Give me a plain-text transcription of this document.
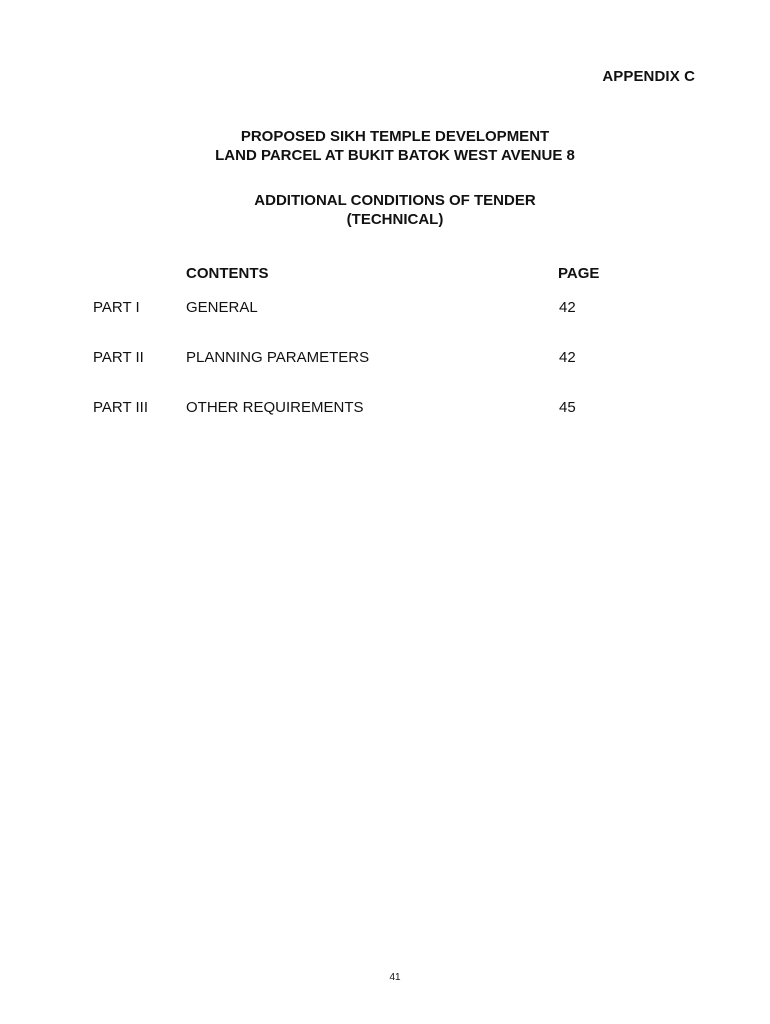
APPENDIX C
PROPOSED SIKH TEMPLE DEVELOPMENT
LAND PARCEL AT BUKIT BATOK WEST AVENUE 8
ADDITIONAL CONDITIONS OF TENDER
(TECHNICAL)
CONTENTS	PAGE
PART I	GENERAL	42
PART II	PLANNING PARAMETERS	42
PART III	OTHER REQUIREMENTS	45
41
